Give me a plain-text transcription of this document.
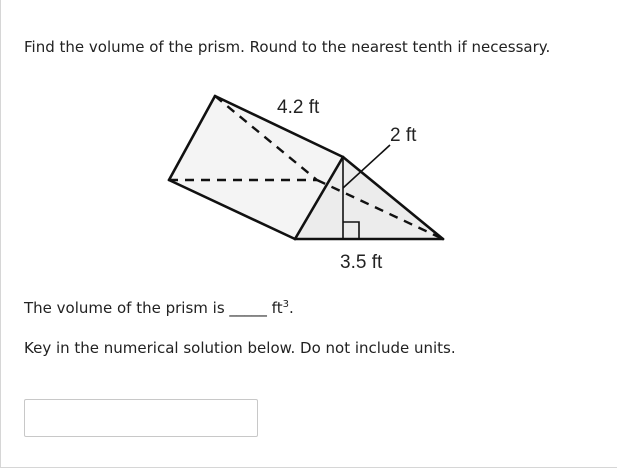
Find the volume of the prism. Round to the nearest tenth if necessary.

4.2 ft
2 ft
3.5 ft

The volume of the prism is _____ $ft^3$.

Key in the numerical solution below. Do not include units.
